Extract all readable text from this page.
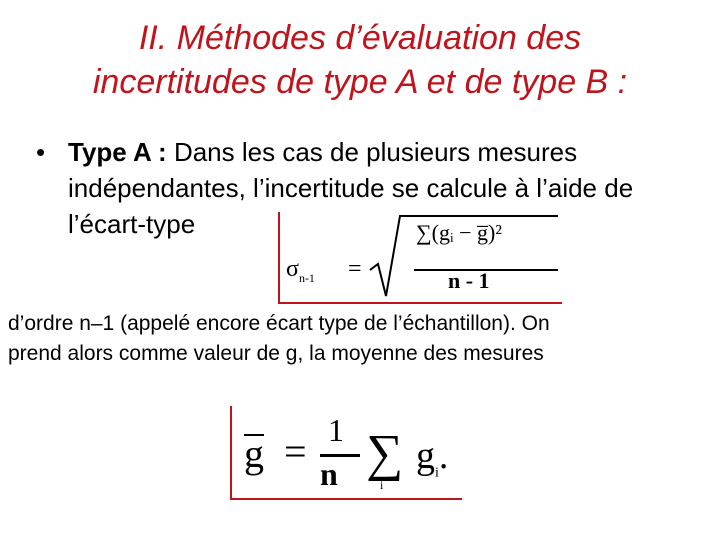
II. Méthodes d’évaluation des
incertitudes de type A et de type B :
• Type A : Dans les cas de plusieurs mesures indépendantes, l’incertitude se calcule à l’aide de l’écart-type
$\sigma_{n-1}$ =
∑(gᵢ − g̅)²
n - 1
d’ordre n–1 (appelé encore écart type de l’échantillon). On
prend alors comme valeur de g, la moyenne des mesures
g = 1
n ∑
i
$g_i$.
